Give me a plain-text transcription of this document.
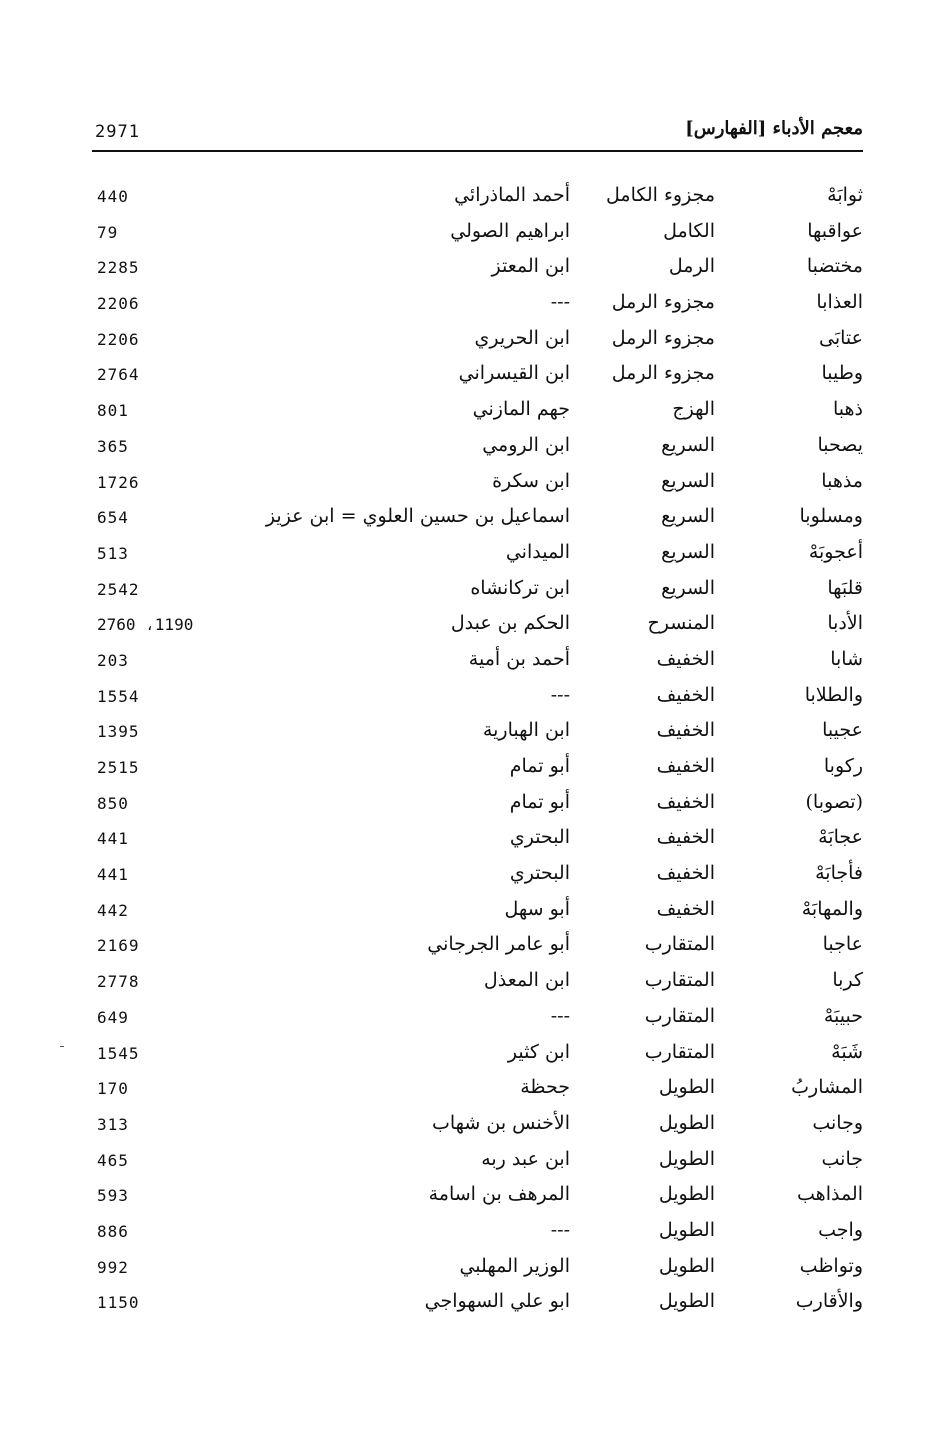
2971	معجم الأدباء [الفهارس]
ثوابَهْ
مجزوء الكامل
أحمد الماذرائي
440
عواقبها
الكامل
ابراهيم الصولي
79
مختضبا
الرمل
ابن المعتز
2285
العذابا
مجزوء الرمل
---
2206
عتابَى
مجزوء الرمل
ابن الحريري
2206
وطيبا
مجزوء الرمل
ابن القيسراني
2764
ذهبا
الهزج
جهم المازني
801
يصحبا
السريع
ابن الرومي
365
مذهبا
السريع
ابن سكرة
1726
ومسلوبا
السريع
اسماعيل بن حسين العلوي = ابن عزيز
654
أعجوبَهْ
السريع
الميداني
513
قلبَها
السريع
ابن تركانشاه
2542
الأدبا
المنسرح
الحكم بن عبدل
1190، 2760
شابا
الخفيف
أحمد بن أمية
203
والطلابا
الخفيف
---
1554
عجيبا
الخفيف
ابن الهبارية
1395
ركوبا
الخفيف
أبو تمام
2515
(تصوبا)
الخفيف
أبو تمام
850
عجابَهْ
الخفيف
البحتري
441
فأجابَهْ
الخفيف
البحتري
441
والمهابَهْ
الخفيف
أبو سهل
442
عاجبا
المتقارب
أبو عامر الجرجاني
2169
كربا
المتقارب
ابن المعذل
2778
حبيبَهْ
المتقارب
---
649
شَبَهْ
المتقارب
ابن كثير
1545
المشاربُ
الطويل
جحظة
170
وجانب
الطويل
الأخنس بن شهاب
313
جانب
الطويل
ابن عبد ربه
465
المذاهب
الطويل
المرهف بن اسامة
593
واجب
الطويل
---
886
وتواظب
الطويل
الوزير المهلبي
992
والأقارب
الطويل
ابو علي السهواجي
1150
